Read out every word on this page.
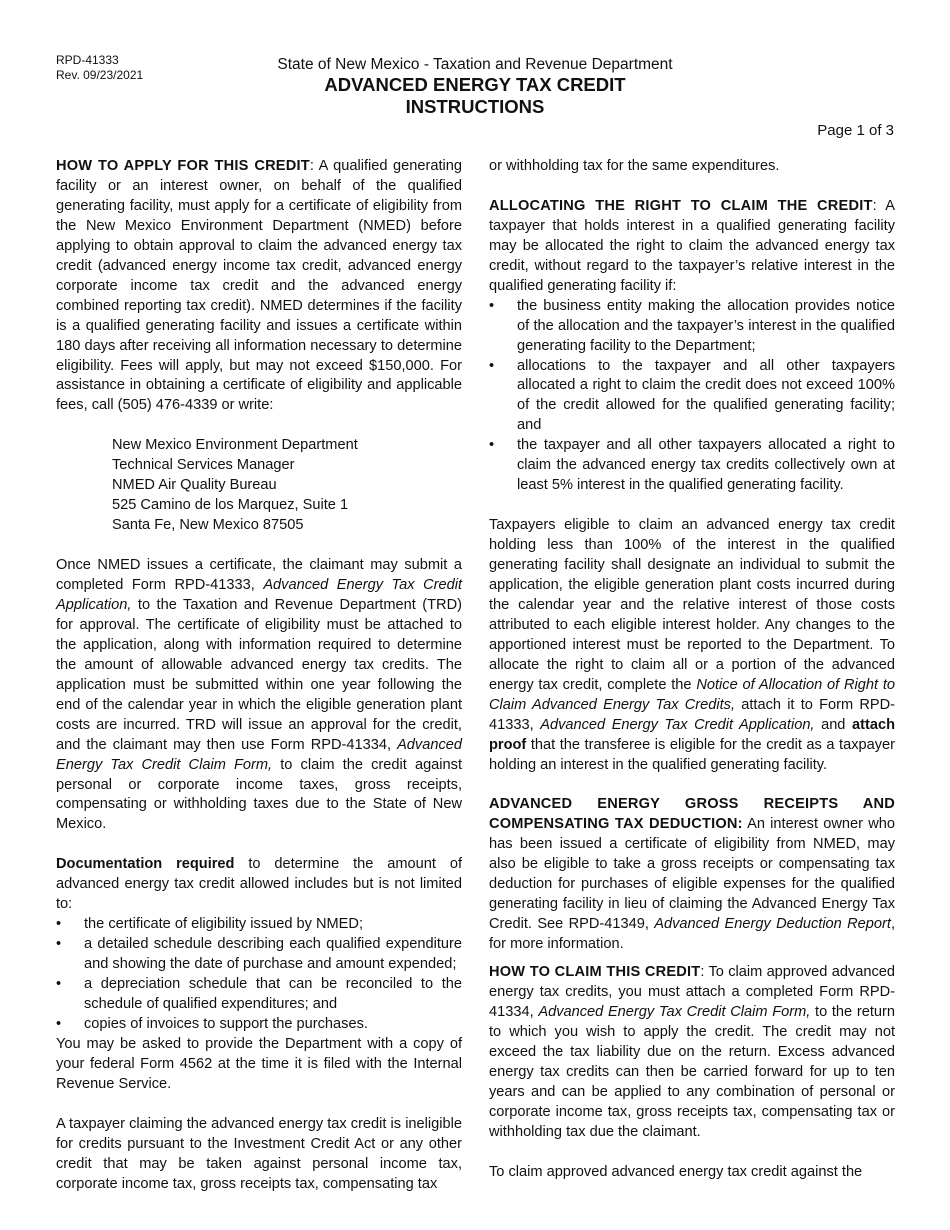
RPD-41333
Rev. 09/23/2021
State of New Mexico - Taxation and Revenue Department
ADVANCED ENERGY TAX CREDIT
INSTRUCTIONS
Page 1 of 3

HOW TO APPLY FOR THIS CREDIT: A qualified generating facility or an interest owner, on behalf of the qualified generating facility, must apply for a certificate of eligibility from the New Mexico Environment Department (NMED) before applying to obtain approval to claim the advanced energy tax credit (advanced energy income tax credit, advanced energy corporate income tax credit and the advanced energy combined reporting tax credit). NMED determines if the facility is a qualified generating facility and issues a certificate within 180 days after receiving all information necessary to determine eligibility. Fees will apply, but may not exceed $150,000. For assistance in obtaining a certificate of eligibility and applicable fees, call (505) 476-4339 or write:

New Mexico Environment Department
Technical Services Manager
NMED Air Quality Bureau
525 Camino de los Marquez, Suite 1
Santa Fe, New Mexico 87505

Once NMED issues a certificate, the claimant may submit a completed Form RPD-41333, Advanced Energy Tax Credit Application, to the Taxation and Revenue Department (TRD) for approval. The certificate of eligibility must be attached to the application, along with information required to determine the amount of allowable advanced energy tax credits. The application must be submitted within one year following the end of the calendar year in which the eligible generation plant costs are incurred. TRD will issue an approval for the credit, and the claimant may then use Form RPD-41334, Advanced Energy Tax Credit Claim Form, to claim the credit against personal or corporate income taxes, gross receipts, compensating or withholding taxes due to the State of New Mexico.

Documentation required to determine the amount of advanced energy tax credit allowed includes but is not limited to:

• the certificate of eligibility issued by NMED;
• a detailed schedule describing each qualified expenditure and showing the date of purchase and amount expended;
• a depreciation schedule that can be reconciled to the schedule of qualified expenditures; and
• copies of invoices to support the purchases.

You may be asked to provide the Department with a copy of your federal Form 4562 at the time it is filed with the Internal Revenue Service.

A taxpayer claiming the advanced energy tax credit is ineligible for credits pursuant to the Investment Credit Act or any other credit that may be taken against personal income tax, corporate income tax, gross receipts tax, compensating tax

or withholding tax for the same expenditures.

ALLOCATING THE RIGHT TO CLAIM THE CREDIT: A taxpayer that holds interest in a qualified generating facility may be allocated the right to claim the advanced energy tax credit, without regard to the taxpayer’s relative interest in the qualified generating facility if:

• the business entity making the allocation provides notice of the allocation and the taxpayer’s interest in the qualified generating facility to the Department;
• allocations to the taxpayer and all other taxpayers allocated a right to claim the credit does not exceed 100% of the credit allowed for the qualified generating facility; and
• the taxpayer and all other taxpayers allocated a right to claim the advanced energy tax credits collectively own at least 5% interest in the qualified generating facility.

Taxpayers eligible to claim an advanced energy tax credit holding less than 100% of the interest in the qualified generating facility shall designate an individual to submit the application, the eligible generation plant costs incurred during the calendar year and the relative interest of those costs attributed to each eligible interest holder. Any changes to the apportioned interest must be reported to the Department. To allocate the right to claim all or a portion of the advanced energy tax credit, complete the Notice of Allocation of Right to Claim Advanced Energy Tax Credits, attach it to Form RPD-41333, Advanced Energy Tax Credit Application, and attach proof that the transferee is eligible for the credit as a taxpayer holding an interest in the qualified generating facility.

ADVANCED ENERGY GROSS RECEIPTS AND COMPENSATING TAX DEDUCTION: An interest owner who has been issued a certificate of eligibility from NMED, may also be eligible to take a gross receipts or compensating tax deduction for purchases of eligible expenses for the qualified generating facility in lieu of claiming the Advanced Energy Tax Credit. See RPD-41349, Advanced Energy Deduction Report, for more information.

HOW TO CLAIM THIS CREDIT: To claim approved advanced energy tax credits, you must attach a completed Form RPD-41334, Advanced Energy Tax Credit Claim Form, to the return to which you wish to apply the credit. The credit may not exceed the tax liability due on the return. Excess advanced energy tax credits can then be carried forward for up to ten years and can be applied to any combination of personal or corporate income tax, gross receipts tax, compensating tax or withholding tax due the claimant.

To claim approved advanced energy tax credit against the
